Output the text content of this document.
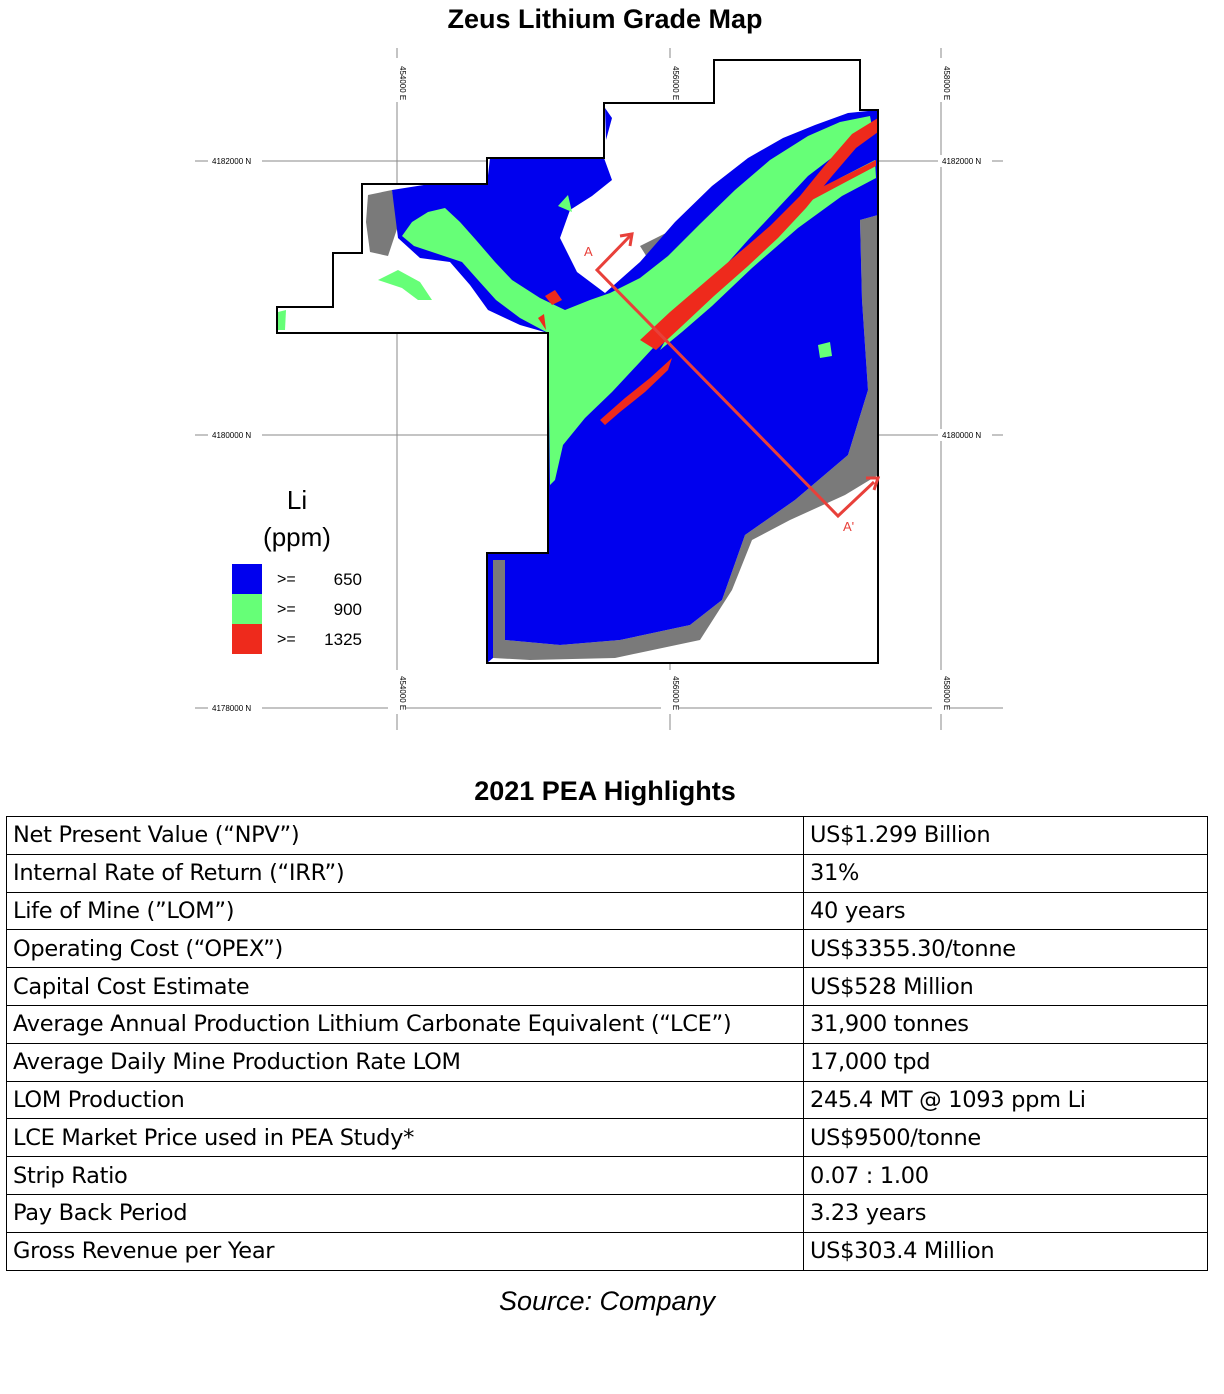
Zeus Lithium Grade Map
454000 E	456000 E	458000 E
454000 E	456000 E	458000 E
4182000 N
4180000 N
4178000 N
4182000 N
4180000 N
A
A'
Li
(ppm)
>=
>=
>=
650
900
1325
2021 PEA Highlights
Net Present Value (“NPV”)	US$1.299 Billion
Internal Rate of Return (“IRR”)	31%
Life of Mine (”LOM”)	40 years
Operating Cost (“OPEX”)	US$3355.30/tonne
Capital Cost Estimate	US$528 Million
Average Annual Production Lithium Carbonate Equivalent (“LCE”)	31,900 tonnes
Average Daily Mine Production Rate LOM	17,000 tpd
LOM Production	245.4 MT @ 1093 ppm Li
LCE Market Price used in PEA Study*	US$9500/tonne
Strip Ratio	0.07 : 1.00
Pay Back Period	3.23 years
Gross Revenue per Year	US$303.4 Million
Source: Company
